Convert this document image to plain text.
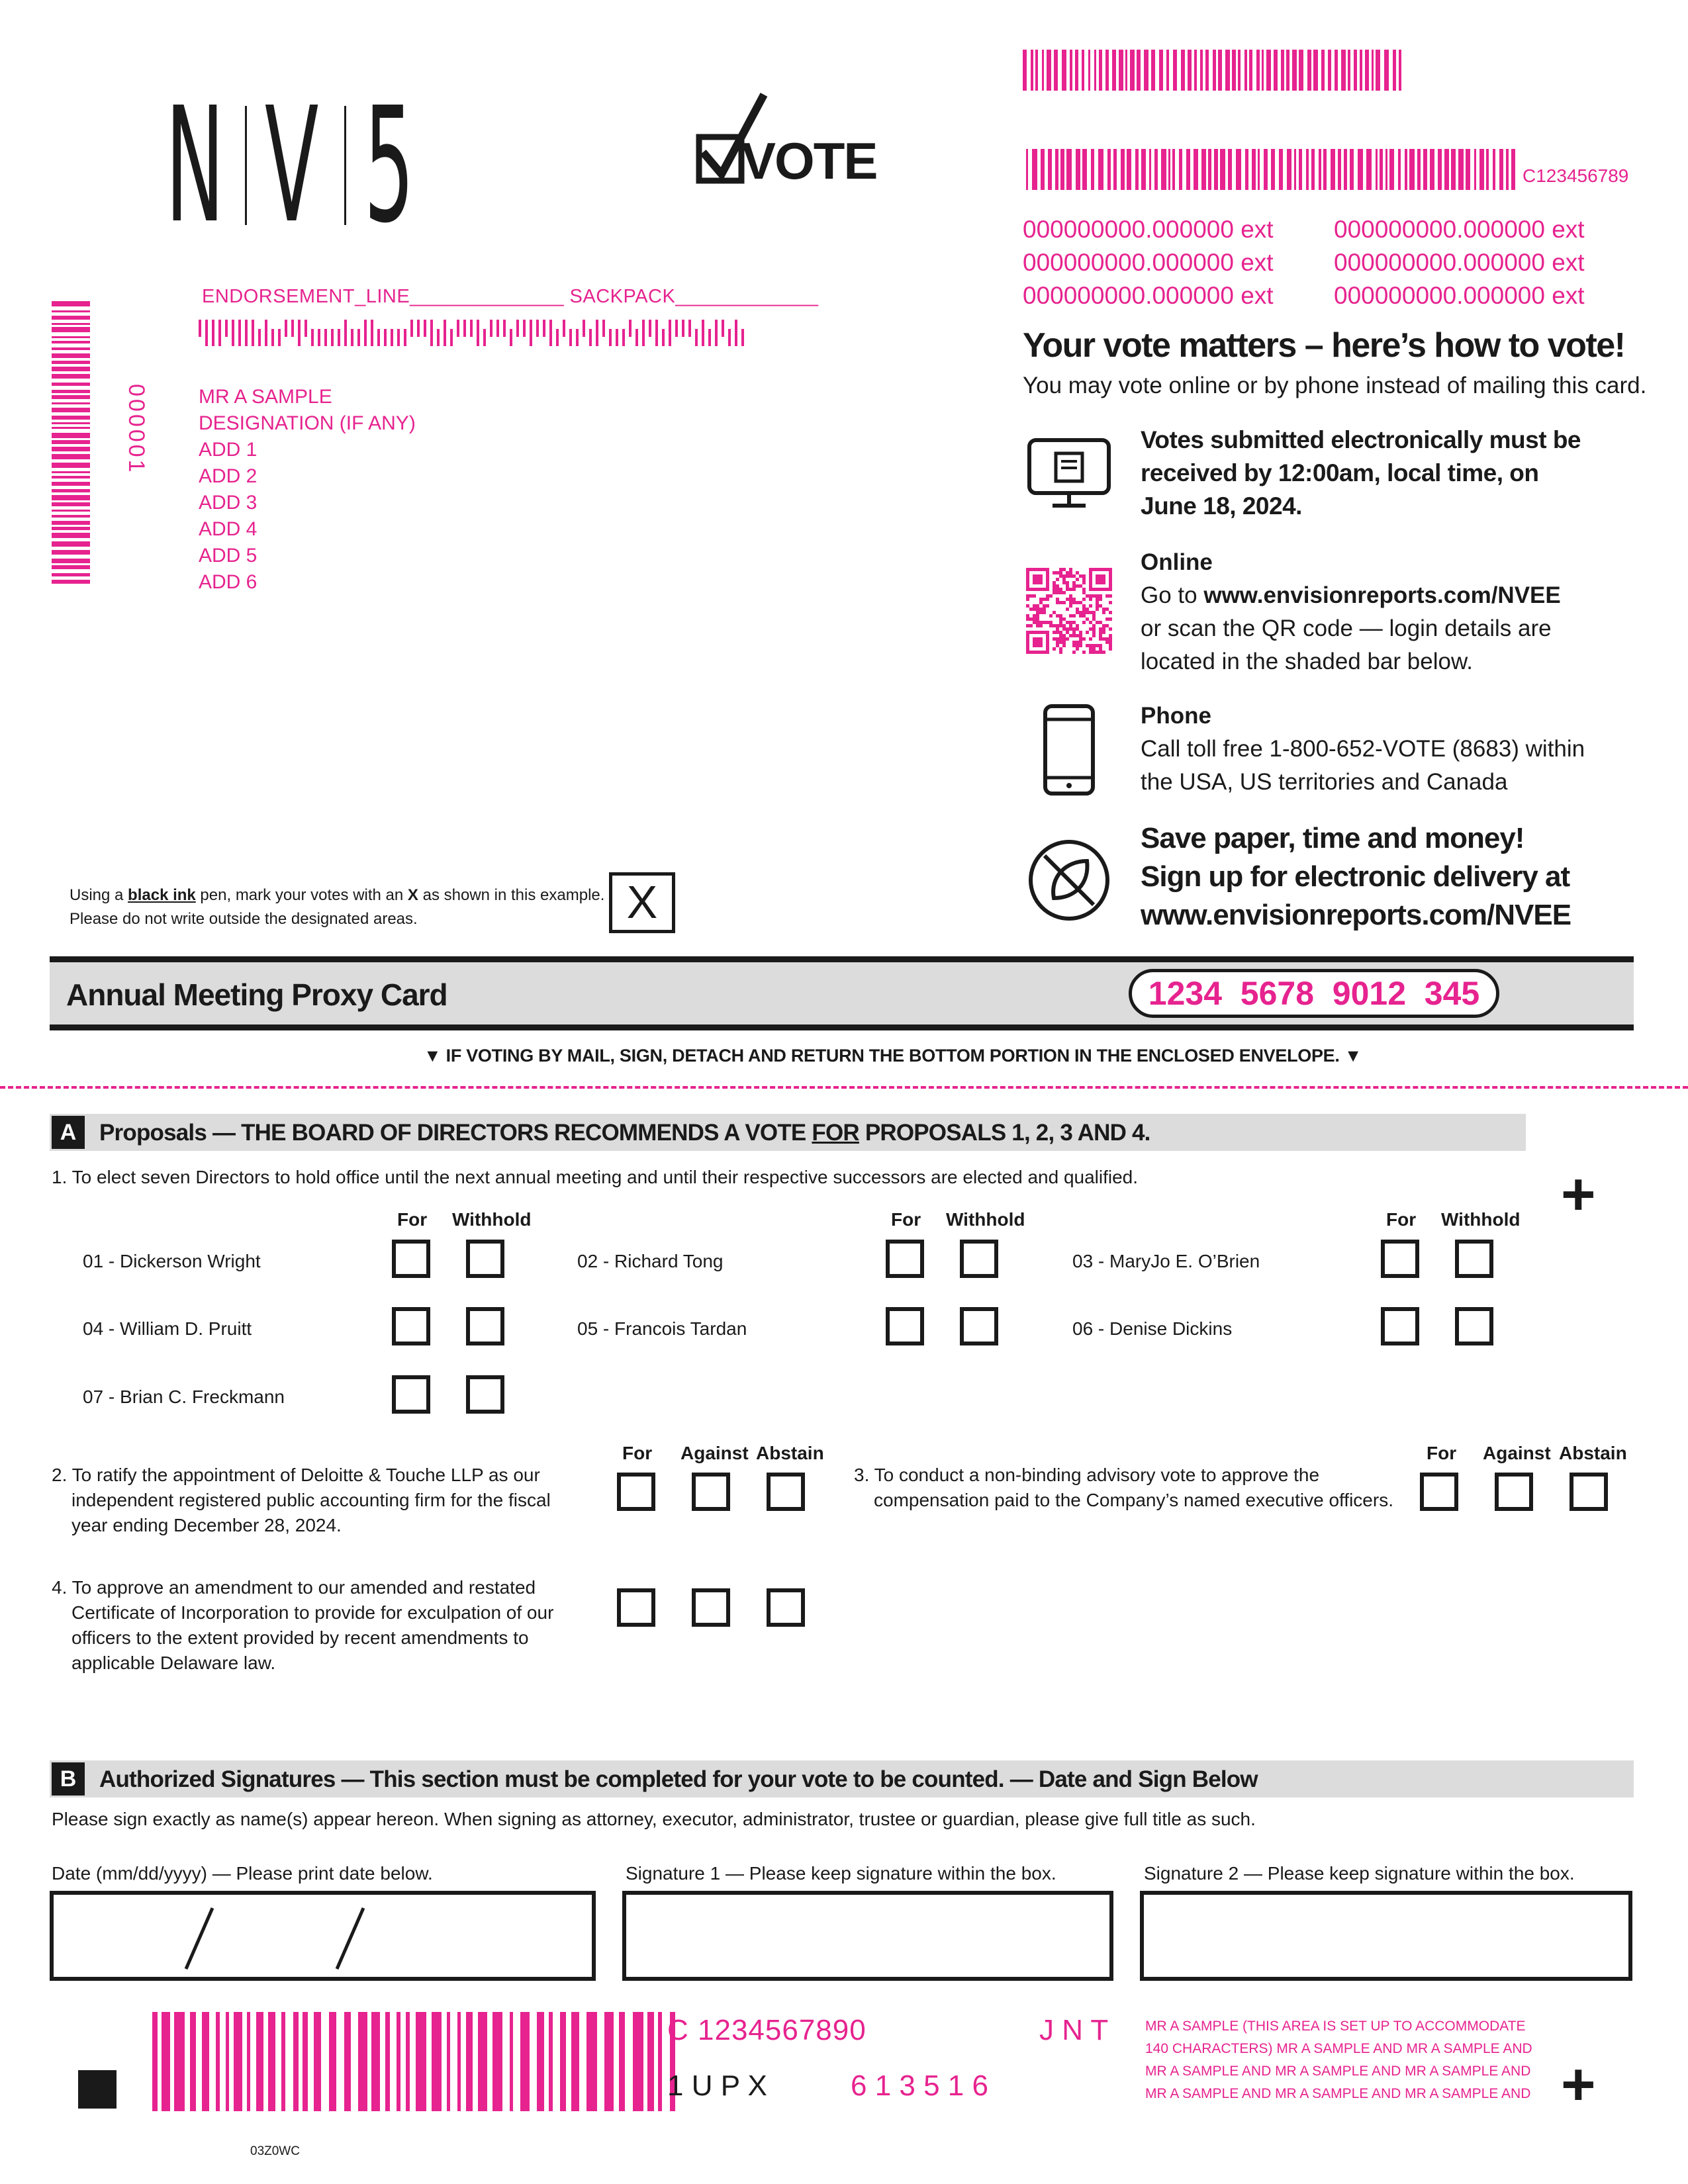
N V 5	VOTE	C123456789
000000000.000000 ext 000000000.000000 ext
000000000.000000 ext 000000000.000000 ext
000000000.000000 ext 000000000.000000 ext
ENDORSEMENT_LINE______________ SACKPACK_____________
000001	MR A SAMPLE
DESIGNATION (IF ANY)
ADD 1
ADD 2
ADD 3
ADD 4
ADD 5
ADD 6
Your vote matters – here’s how to vote!
You may vote online or by phone instead of mailing this card.
Votes submitted electronically must be
received by 12:00am, local time, on
June 18, 2024.
Online
Go to www.envisionreports.com/NVEE
or scan the QR code — login details are
located in the shaded bar below.
Phone
Call toll free 1-800-652-VOTE (8683) within
the USA, US territories and Canada
Save paper, time and money!
Sign up for electronic delivery at
www.envisionreports.com/NVEE
Using a black ink pen, mark your votes with an X as shown in this example.
Please do not write outside the designated areas.	X
Annual Meeting Proxy Card	1234  5678  9012  345
▼ IF VOTING BY MAIL, SIGN, DETACH AND RETURN THE BOTTOM PORTION IN THE ENCLOSED ENVELOPE. ▼
A Proposals — THE BOARD OF DIRECTORS RECOMMENDS A VOTE FOR PROPOSALS 1, 2, 3 AND 4.
1. To elect seven Directors to hold office until the next annual meeting and until their respective successors are elected and qualified.	+
For Withhold	For Withhold	For Withhold
01 - Dickerson Wright	02 - Richard Tong	03 - MaryJo E. O’Brien
04 - William D. Pruitt	05 - Francois Tardan	06 - Denise Dickins
07 - Brian C. Freckmann
For Against Abstain	For Against Abstain
2. To ratify the appointment of Deloitte & Touche LLP as our
independent registered public accounting firm for the fiscal
year ending December 28, 2024.
3. To conduct a non-binding advisory vote to approve the
compensation paid to the Company’s named executive officers.
4. To approve an amendment to our amended and restated
Certificate of Incorporation to provide for exculpation of our
officers to the extent provided by recent amendments to
applicable Delaware law.
B Authorized Signatures — This section must be completed for your vote to be counted. — Date and Sign Below
Please sign exactly as name(s) appear hereon. When signing as attorney, executor, administrator, trustee or guardian, please give full title as such.
Date (mm/dd/yyyy) — Please print date below.	Signature 1 — Please keep signature within the box.	Signature 2 — Please keep signature within the box.
C 1234567890	J N T
1 U P X	6 1 3 5 1 6
MR A SAMPLE (THIS AREA IS SET UP TO ACCOMMODATE
140 CHARACTERS) MR A SAMPLE AND MR A SAMPLE AND
MR A SAMPLE AND MR A SAMPLE AND MR A SAMPLE AND
MR A SAMPLE AND MR A SAMPLE AND MR A SAMPLE AND +
03Z0WC
